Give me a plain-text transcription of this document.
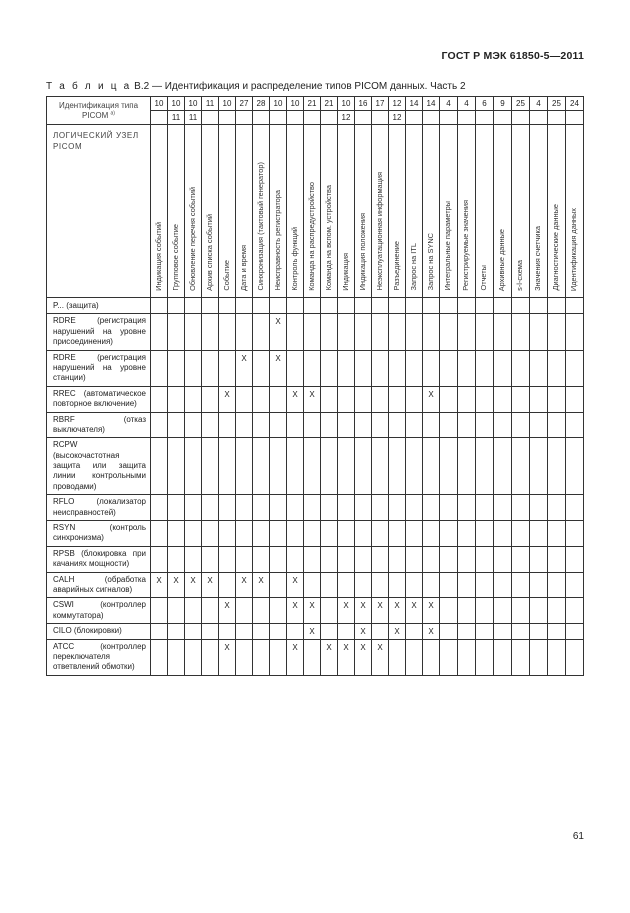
ГОСТ Р МЭК 61850-5—2011
Т а б л и ц а В.2 — Идентификация и распределение типов PICOM данных. Часть 2
Идентификация типа PICOM $^{а)}$	10	10	10	11	10	27	28	10	10	21	21	10	16	17	12	14	14	4	4	6	9	25	4	25	24
		11	11									12			12										
ЛОГИЧЕСКИЙ УЗЕЛ PICOM	Индикация событий	Групповое событие	Обновление перечня событий	Архив списка событий	Событие	Дата и время	Синхронизация (тактовый генератор)	Неисправность регистратора	Контроль функций	Команда на распредустройство	Команда на вспом. устройства	Индикация	Индикация положения	Неэксплуатационная информация	Разъединение	Запрос на ITL	Запрос на SYNC	Интегральные параметры	Регистрируемые значения	Отчеты	Архивные данные	s-l-схема	Значения счетчика	Диагностические данные	Идентификация данных
P... (защита)																									
RDRE (регистрация нарушений на уровне присоединения)								X																	
RDRE (регистрация нарушений на уровне станции)						X		X																	
RREC (автоматическое повторное включение)					X				X	X							X								
RBRF (отказ выключателя)																									
RCPW (высокочастотная защита или защита линии контрольными проводами)																									
RFLO (локализатор неисправностей)																									
RSYN (контроль синхронизма)																									
RPSB (блокировка при качаниях мощности)																									
CALH (обработка аварийных сигналов)	X	X	X	X		X	X		X																
CSWI (контроллер коммутатора)					X				X	X		X	X	X	X	X	X								
CILO (блокировки)										X			X		X		X								
ATCC (контроллер переключателя ответвлений обмотки)					X				X		X	X	X	X											
61
